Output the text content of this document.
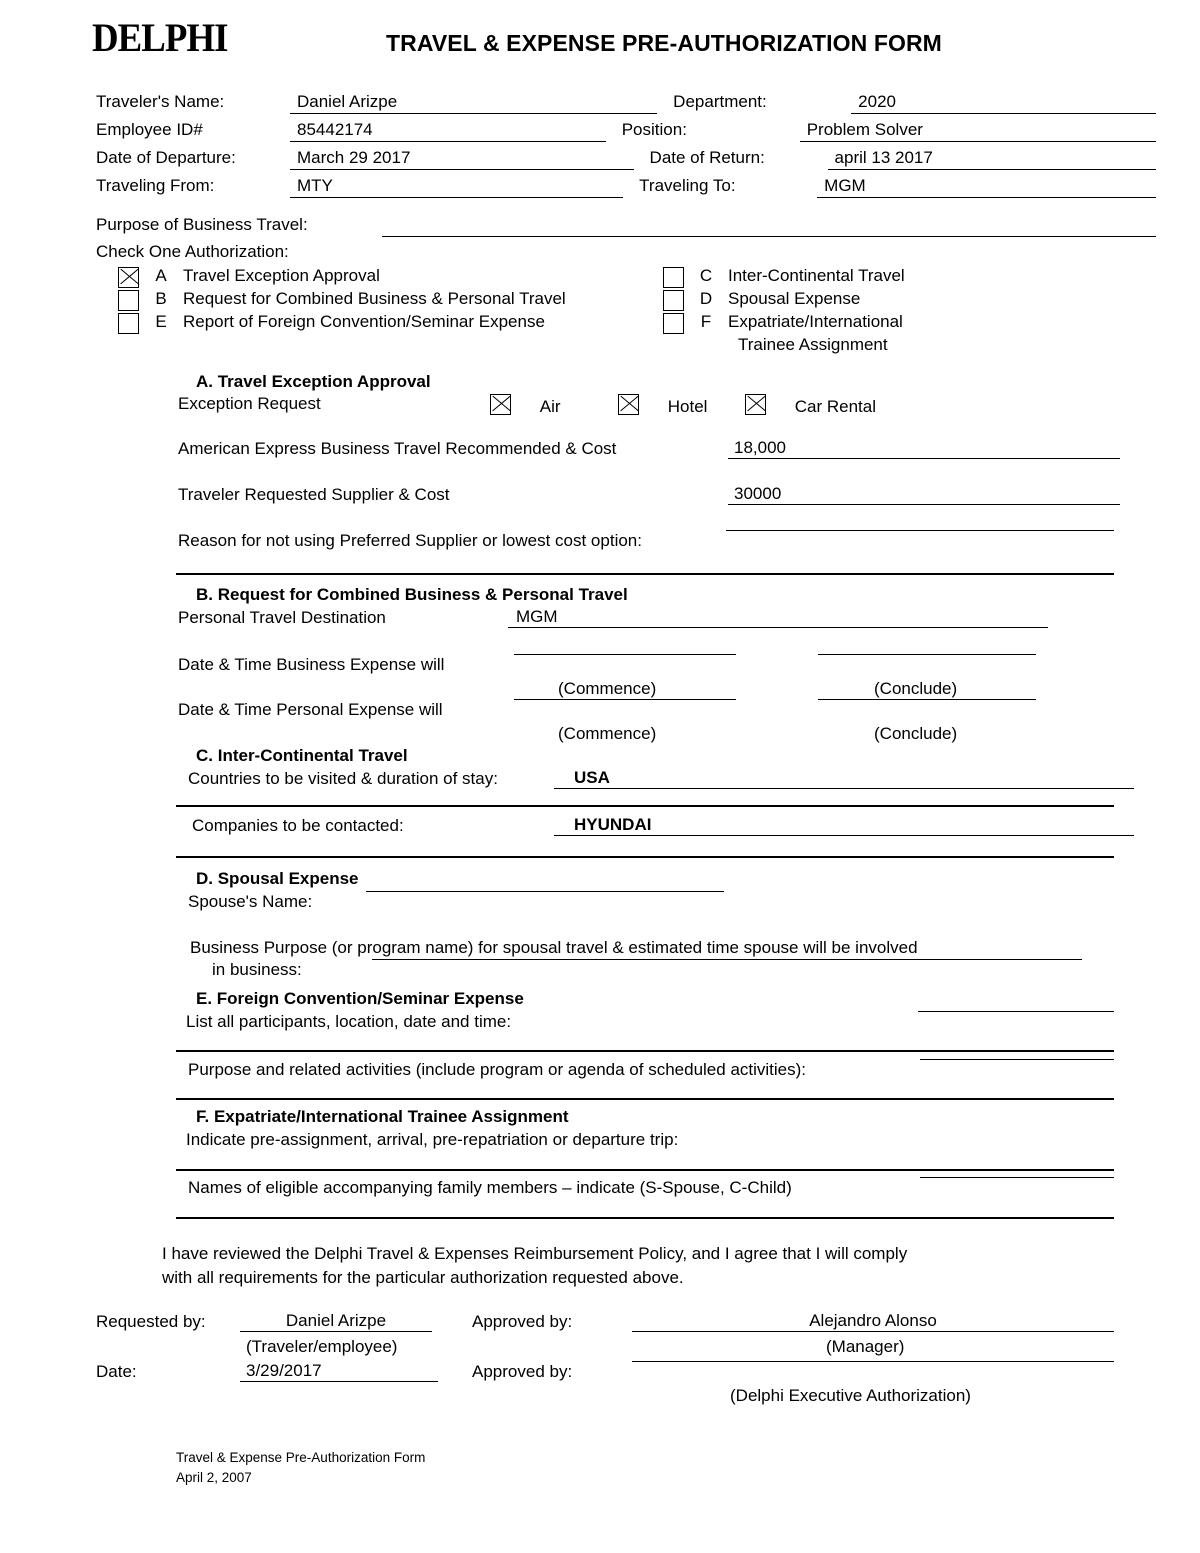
DELPHI	TRAVEL & EXPENSE PRE-AUTHORIZATION FORM
Traveler's Name:	Daniel Arizpe	Department:	2020
Employee ID#	85442174	Position:	Problem Solver
Date of Departure:	March 29 2017	Date of Return:	april 13 2017
Traveling From:	MTY	Traveling To:	MGM
Purpose of Business Travel:
Check One Authorization:
A Travel Exception Approval	C Inter-Continental Travel
B Request for Combined Business & Personal Travel	D Spousal Expense
E Report of Foreign Convention/Seminar Expense	F Expatriate/International
Trainee Assignment
A. Travel Exception Approval
Exception Request	Air	Hotel	Car Rental
American Express Business Travel Recommended & Cost	18,000
Traveler Requested Supplier & Cost	30000
Reason for not using Preferred Supplier or lowest cost option:
B. Request for Combined Business & Personal Travel
Personal Travel Destination	MGM
Date & Time Business Expense will
(Commence)	(Conclude)
Date & Time Personal Expense will
(Commence)	(Conclude)
C. Inter-Continental Travel
Countries to be visited & duration of stay:	USA
Companies to be contacted:	HYUNDAI
D. Spousal Expense
Spouse's Name:
Business Purpose (or program name) for spousal travel & estimated time spouse will be involved
in business:
E. Foreign Convention/Seminar Expense
List all participants, location, date and time:
Purpose and related activities (include program or agenda of scheduled activities):
F. Expatriate/International Trainee Assignment
Indicate pre-assignment, arrival, pre-repatriation or departure trip:
Names of eligible accompanying family members – indicate (S-Spouse, C-Child)
I have reviewed the Delphi Travel & Expenses Reimbursement Policy, and I agree that I will comply
with all requirements for the particular authorization requested above.
Requested by:	Daniel Arizpe
(Traveler/employee)
Approved by:	Alejandro Alonso
(Manager)
Date:	3/29/2017	Approved by:
(Delphi Executive Authorization)
Travel & Expense Pre-Authorization Form
April 2, 2007
